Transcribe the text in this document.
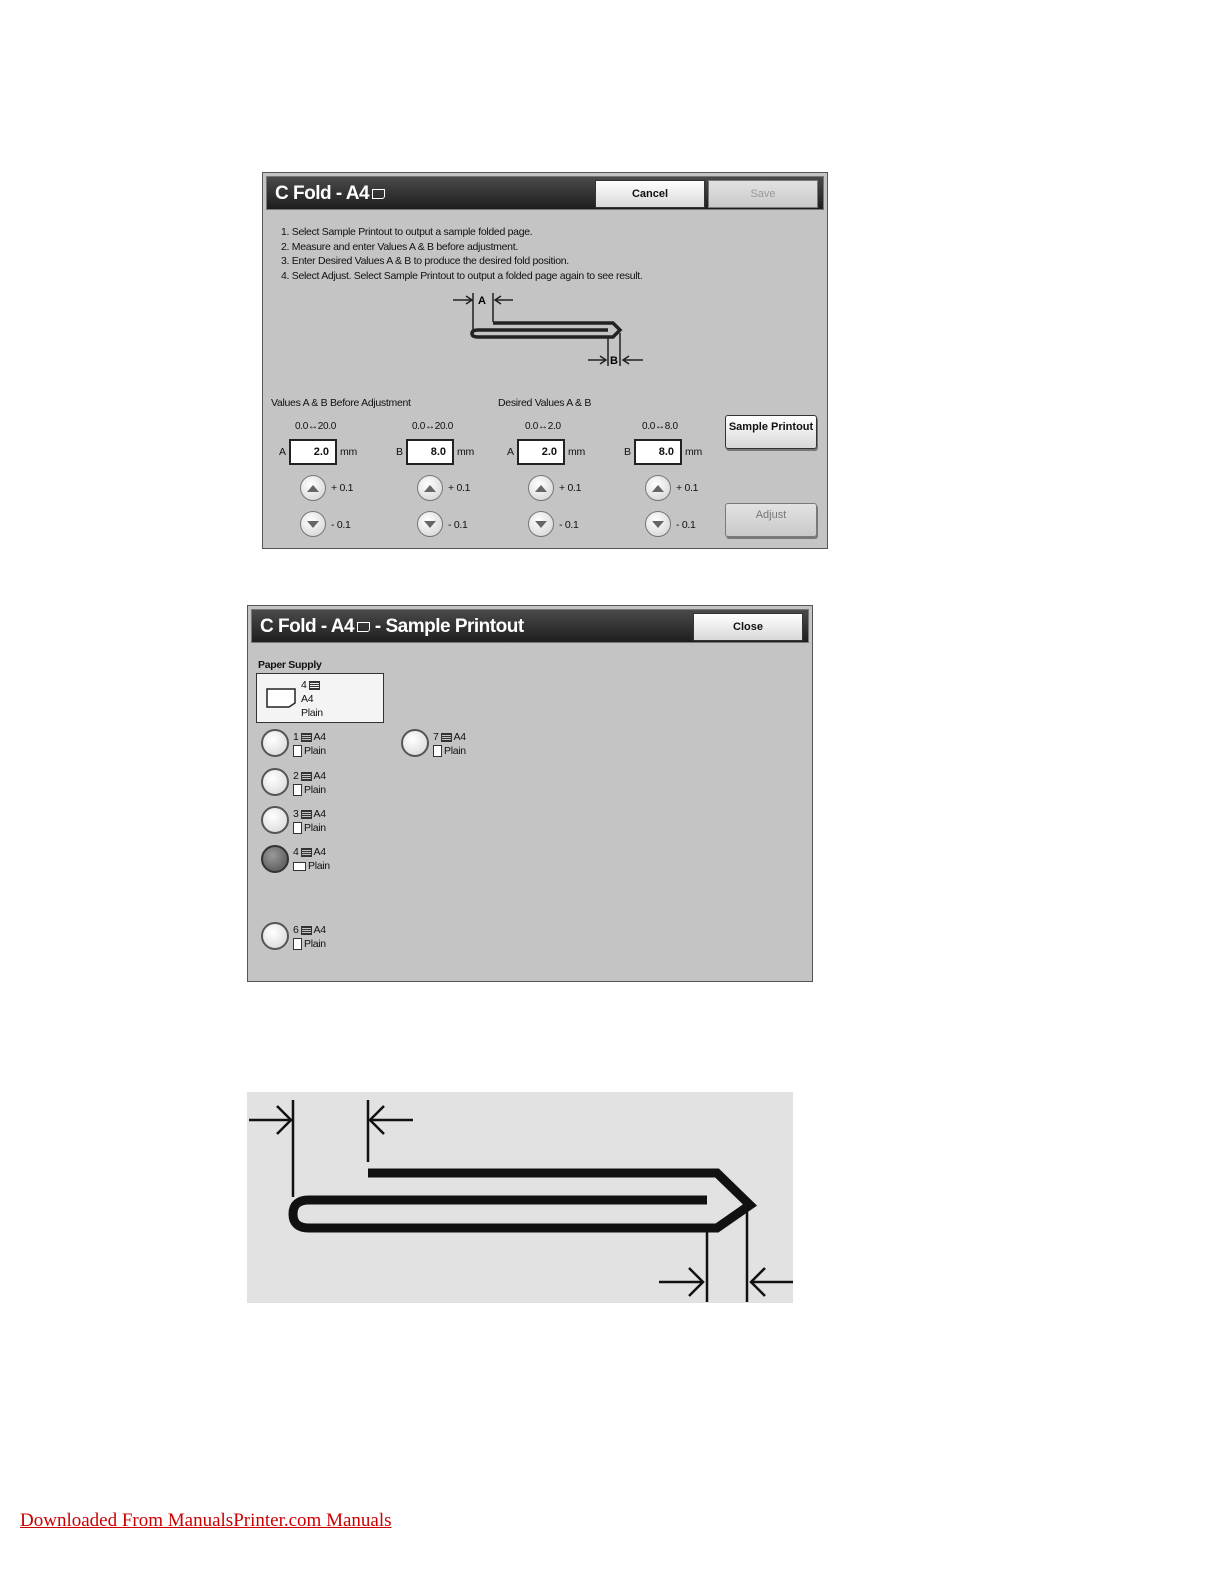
C Fold - A4	Cancel	Save
1. Select Sample Printout to output a sample folded page.
2. Measure and enter Values A & B before adjustment.
3. Enter Desired Values A & B to produce the desired fold position.
4. Select Adjust. Select Sample Printout to output a folded page again to see result.
A
B
Values A & B Before Adjustment	Desired Values A & B
0.0↔20.0
A	2.0	mm
+ 0.1
- 0.1
0.0↔20.0
B	8.0	mm
+ 0.1
- 0.1
0.0↔2.0
A	2.0	mm
+ 0.1
- 0.1
0.0↔8.0
B	8.0	mm
+ 0.1
- 0.1
Sample Printout
Adjust
C Fold - A4 - Sample Printout	Close
Paper Supply
4
A4
Plain
1 A4
Plain
2 A4
Plain
3 A4
Plain
4 A4
Plain
6 A4
Plain
7 A4
Plain
Downloaded From ManualsPrinter.com Manuals
